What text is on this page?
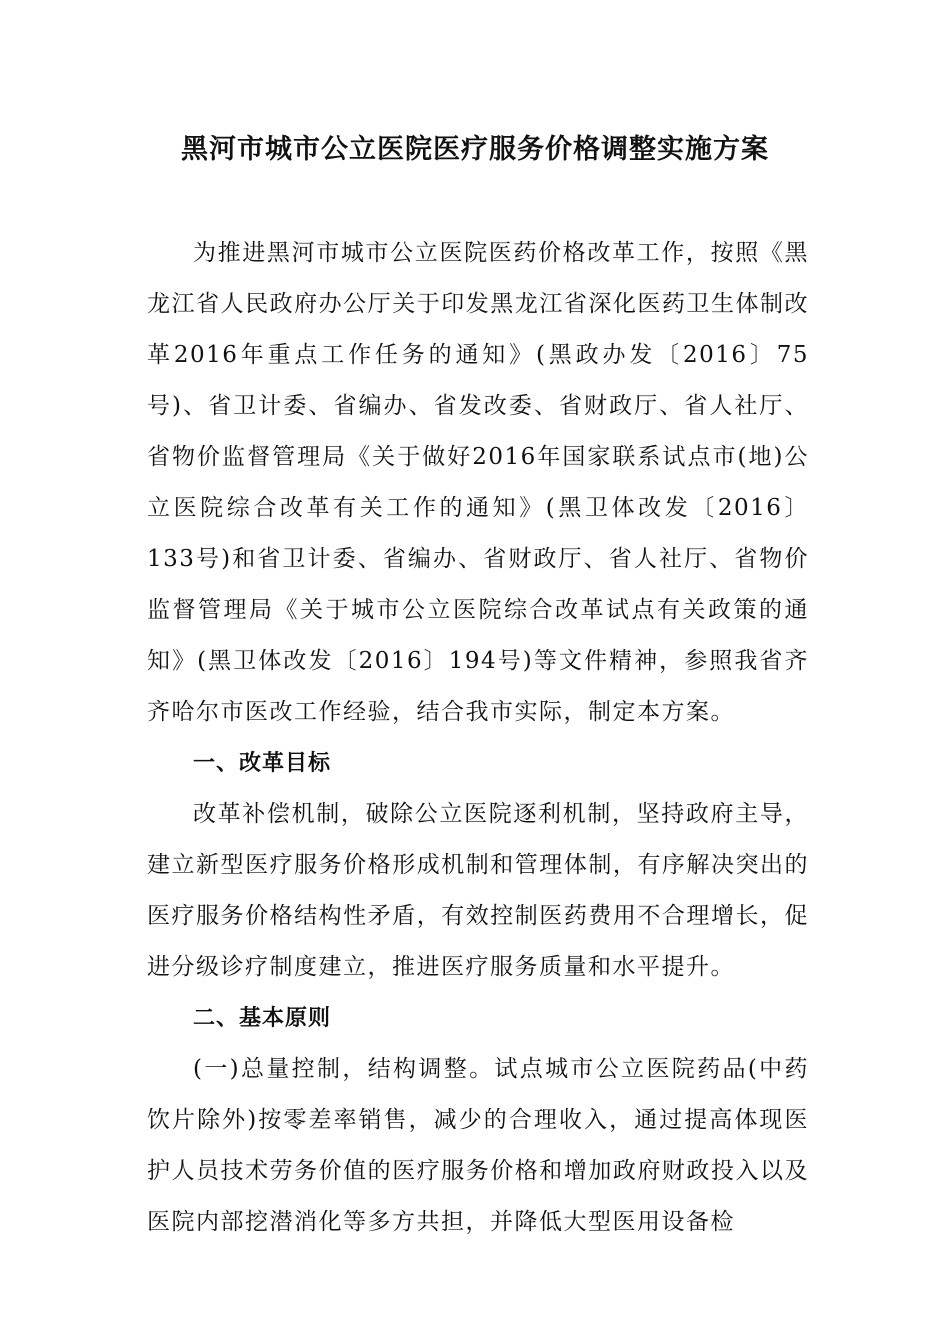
黑河市城市公立医院医疗服务价格调整实施方案

为推进黑河市城市公立医院医药价格改革工作，按照《黑龙江省人民政府办公厅关于印发黑龙江省深化医药卫生体制改革2016年重点工作任务的通知》(黑政办发〔2016〕75号)、省卫计委、省编办、省发改委、省财政厅、省人社厅、省物价监督管理局《关于做好2016年国家联系试点市(地)公立医院综合改革有关工作的通知》(黑卫体改发〔2016〕133号)和省卫计委、省编办、省财政厅、省人社厅、省物价监督管理局《关于城市公立医院综合改革试点有关政策的通知》(黑卫体改发〔2016〕194号)等文件精神，参照我省齐齐哈尔市医改工作经验，结合我市实际，制定本方案。

一、改革目标

改革补偿机制，破除公立医院逐利机制，坚持政府主导，建立新型医疗服务价格形成机制和管理体制，有序解决突出的医疗服务价格结构性矛盾，有效控制医药费用不合理增长，促进分级诊疗制度建立，推进医疗服务质量和水平提升。

二、基本原则

(一)总量控制，结构调整。试点城市公立医院药品(中药饮片除外)按零差率销售，减少的合理收入，通过提高体现医护人员技术劳务价值的医疗服务价格和增加政府财政投入以及医院内部挖潜消化等多方共担，并降低大型医用设备检
